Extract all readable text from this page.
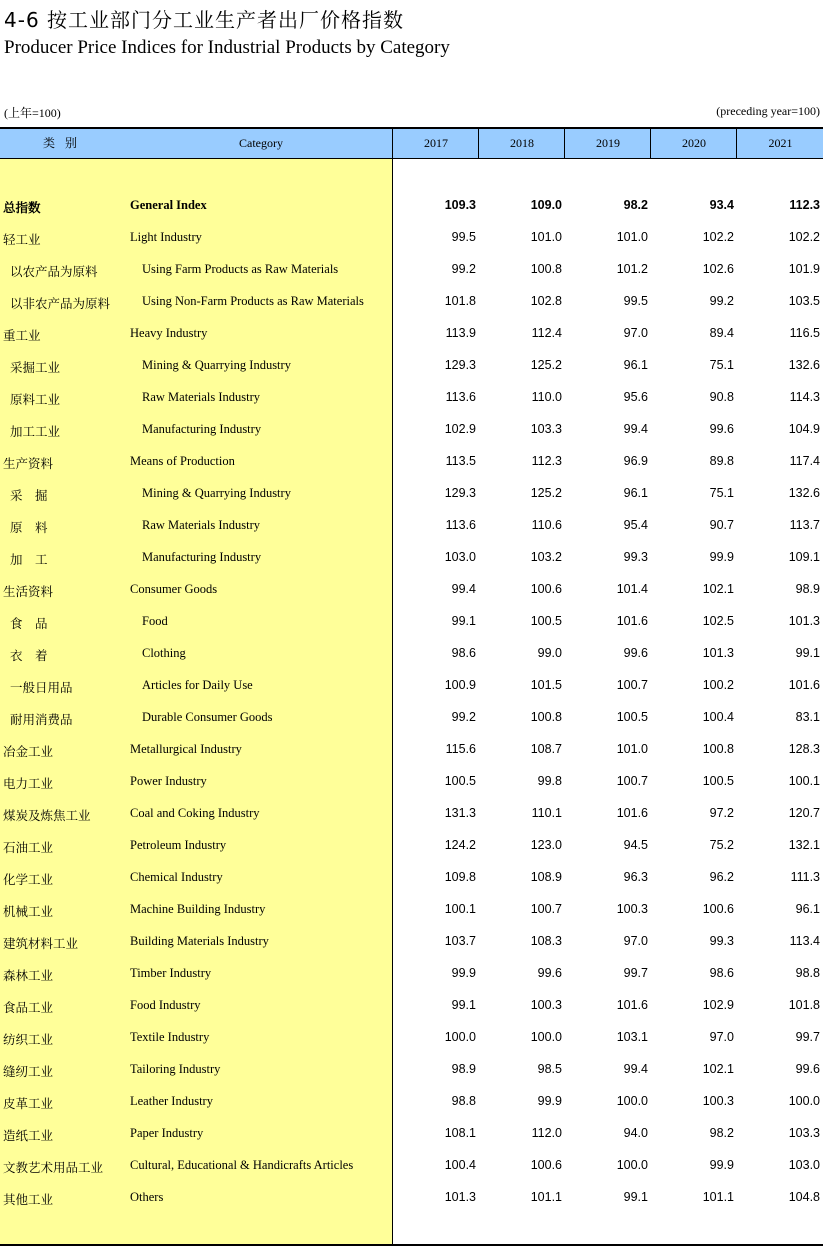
4-6 按工业部门分工业生产者出厂价格指数
Producer Price Indices for Industrial Products by Category
(上年=100)	(preceding year=100)
类别	Category	2017	2018	2019	2020	2021
总指数	General Index	109.3	109.0	98.2	93.4	112.3
轻工业	Light Industry	99.5	101.0	101.0	102.2	102.2
以农产品为原料	Using Farm Products as Raw Materials	99.2	100.8	101.2	102.6	101.9
以非农产品为原料	Using Non-Farm Products as Raw Materials	101.8	102.8	99.5	99.2	103.5
重工业	Heavy Industry	113.9	112.4	97.0	89.4	116.5
采掘工业	Mining & Quarrying Industry	129.3	125.2	96.1	75.1	132.6
原料工业	Raw Materials Industry	113.6	110.0	95.6	90.8	114.3
加工工业	Manufacturing Industry	102.9	103.3	99.4	99.6	104.9
生产资料	Means of Production	113.5	112.3	96.9	89.8	117.4
采　掘	Mining & Quarrying Industry	129.3	125.2	96.1	75.1	132.6
原　料	Raw Materials Industry	113.6	110.6	95.4	90.7	113.7
加　工	Manufacturing Industry	103.0	103.2	99.3	99.9	109.1
生活资料	Consumer Goods	99.4	100.6	101.4	102.1	98.9
食　品	Food	99.1	100.5	101.6	102.5	101.3
衣　着	Clothing	98.6	99.0	99.6	101.3	99.1
一般日用品	Articles for Daily Use	100.9	101.5	100.7	100.2	101.6
耐用消费品	Durable Consumer Goods	99.2	100.8	100.5	100.4	83.1
冶金工业	Metallurgical Industry	115.6	108.7	101.0	100.8	128.3
电力工业	Power Industry	100.5	99.8	100.7	100.5	100.1
煤炭及炼焦工业	Coal and Coking Industry	131.3	110.1	101.6	97.2	120.7
石油工业	Petroleum Industry	124.2	123.0	94.5	75.2	132.1
化学工业	Chemical Industry	109.8	108.9	96.3	96.2	111.3
机械工业	Machine Building Industry	100.1	100.7	100.3	100.6	96.1
建筑材料工业	Building Materials Industry	103.7	108.3	97.0	99.3	113.4
森林工业	Timber Industry	99.9	99.6	99.7	98.6	98.8
食品工业	Food Industry	99.1	100.3	101.6	102.9	101.8
纺织工业	Textile Industry	100.0	100.0	103.1	97.0	99.7
缝纫工业	Tailoring Industry	98.9	98.5	99.4	102.1	99.6
皮革工业	Leather Industry	98.8	99.9	100.0	100.3	100.0
造纸工业	Paper Industry	108.1	112.0	94.0	98.2	103.3
文教艺术用品工业 Cultural, Educational & Handicrafts Articles	100.4	100.6	100.0	99.9	103.0
其他工业	Others	101.3	101.1	99.1	101.1	104.8
